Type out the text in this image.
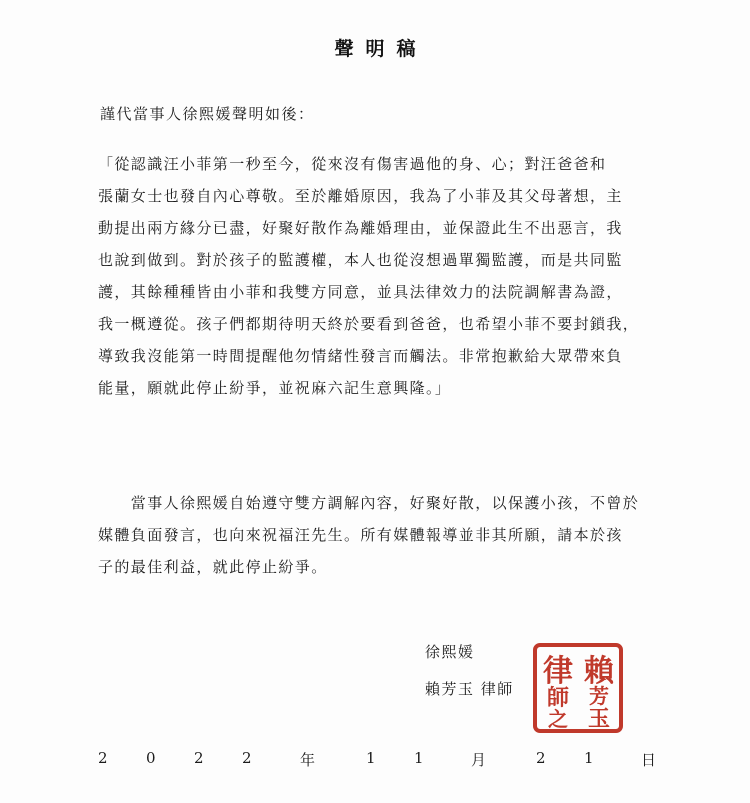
聲明稿
謹代當事人徐熙媛聲明如後：
「從認識汪小菲第一秒至今，從來沒有傷害過他的身、心；對汪爸爸和
張蘭女士也發自內心尊敬。至於離婚原因，我為了小菲及其父母著想，主
動提出兩方緣分已盡，好聚好散作為離婚理由，並保證此生不出惡言，我
也說到做到。對於孩子的監護權，本人也從沒想過單獨監護，而是共同監
護，其餘種種皆由小菲和我雙方同意，並具法律效力的法院調解書為證，
我一概遵從。孩子們都期待明天終於要看到爸爸，也希望小菲不要封鎖我，
導致我沒能第一時間提醒他勿情緒性發言而觸法。非常抱歉給大眾帶來負
能量，願就此停止紛爭，並祝麻六記生意興隆。」
　　當事人徐熙媛自始遵守雙方調解內容，好聚好散，以保護小孩，不曾於
媒體負面發言，也向來祝福汪先生。所有媒體報導並非其所願，請本於孩
子的最佳利益，就此停止紛爭。
徐熙媛
賴芳玉 律師 賴
芳
玉
律
師
之
2	0	2	2	年	1	1	月	2	1	日
